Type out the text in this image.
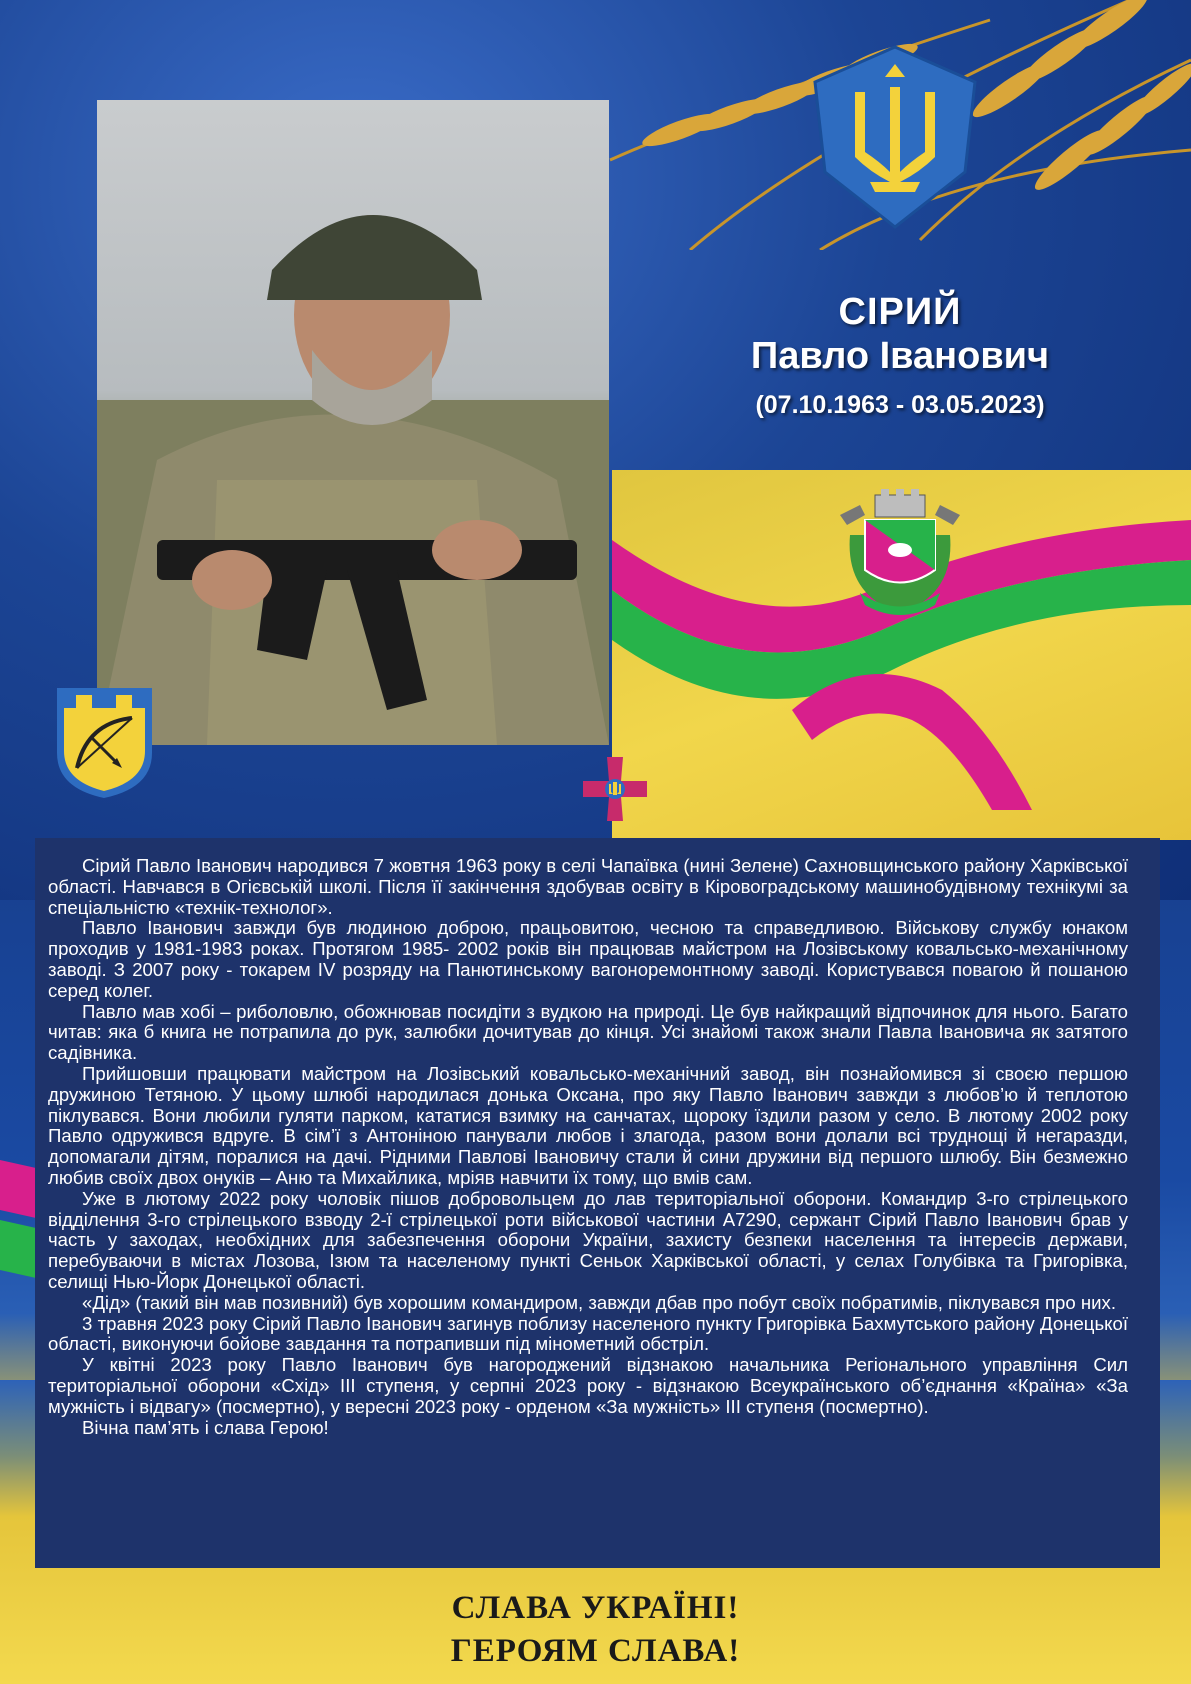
СІРИЙ
Павло Іванович
(07.10.1963 - 03.05.2023)

Сірий Павло Іванович народився 7 жовтня 1963 року в селі Чапаївка (нині Зелене) Сахновщинського району Харківської області. Навчався в Огієвській школі. Після її закінчення здобував освіту в Кіровоградському машинобудівному технікумі за спеціальністю «технік-технолог».

Павло Іванович завжди був людиною доброю, працьовитою, чесною та справедливою. Військову службу юнаком проходив у 1981-1983 роках. Протягом 1985- 2002 років він працював майстром на Лозівському ковальсько-механічному заводі. З 2007 року - токарем IV розряду на Панютинському вагоноремонтному заводі. Користувався повагою й пошаною серед колег.

Павло мав хобі – риболовлю, обожнював посидіти з вудкою на природі. Це був найкращий відпочинок для нього. Багато читав: яка б книга не потрапила до рук, залюбки дочитував до кінця. Усі знайомі також знали Павла Івановича як затятого садівника.

Прийшовши працювати майстром на Лозівський ковальсько-механічний завод, він познайомився зі своєю першою дружиною Тетяною. У цьому шлюбі народилася донька Оксана, про яку Павло Іванович завжди з любов’ю й теплотою піклувався. Вони любили гуляти парком, кататися взимку на санчатах, щороку їздили разом у село. В лютому 2002 року Павло одружився вдруге. В сім’ї з Антоніною панували любов і злагода, разом вони долали всі труднощі й негаразди, допомагали дітям, поралися на дачі. Рідними Павлові Івановичу стали й сини дружини від першого шлюбу. Він безмежно любив своїх двох онуків – Аню та Михайлика, мріяв навчити їх тому, що вмів сам.

Уже в лютому 2022 року чоловік пішов добровольцем до лав територіальної оборони. Командир 3-го стрілецького відділення 3-го стрілецького взводу 2-ї стрілецької роти військової частини А7290, сержант Сірий Павло Іванович брав у часть у заходах, необхідних для забезпечення оборони України, захисту безпеки населення та інтересів держави, перебуваючи в містах Лозова, Ізюм та населеному пункті Сеньок Харківської області, у селах Голубівка та Григорівка, селищі Нью-Йорк Донецької області.

«Дід» (такий він мав позивний) був хорошим командиром, завжди дбав про побут своїх побратимів, піклувався про них.

3 травня 2023 року Сірий Павло Іванович загинув поблизу населеного пункту Григорівка Бахмутського району Донецької області, виконуючи бойове завдання та потрапивши під мінометний обстріл.

У квітні 2023 року Павло Іванович був нагороджений відзнакою начальника Регіонального управління Сил територіальної оборони «Схід» III ступеня, у серпні 2023 року - відзнакою Всеукраїнського об’єднання «Країна» «За мужність і відвагу» (посмертно), у вересні 2023 року - орденом «За мужність» III ступеня (посмертно).

Вічна пам’ять і слава Герою!

СЛАВА УКРАЇНІ!
ГЕРОЯМ СЛАВА!
